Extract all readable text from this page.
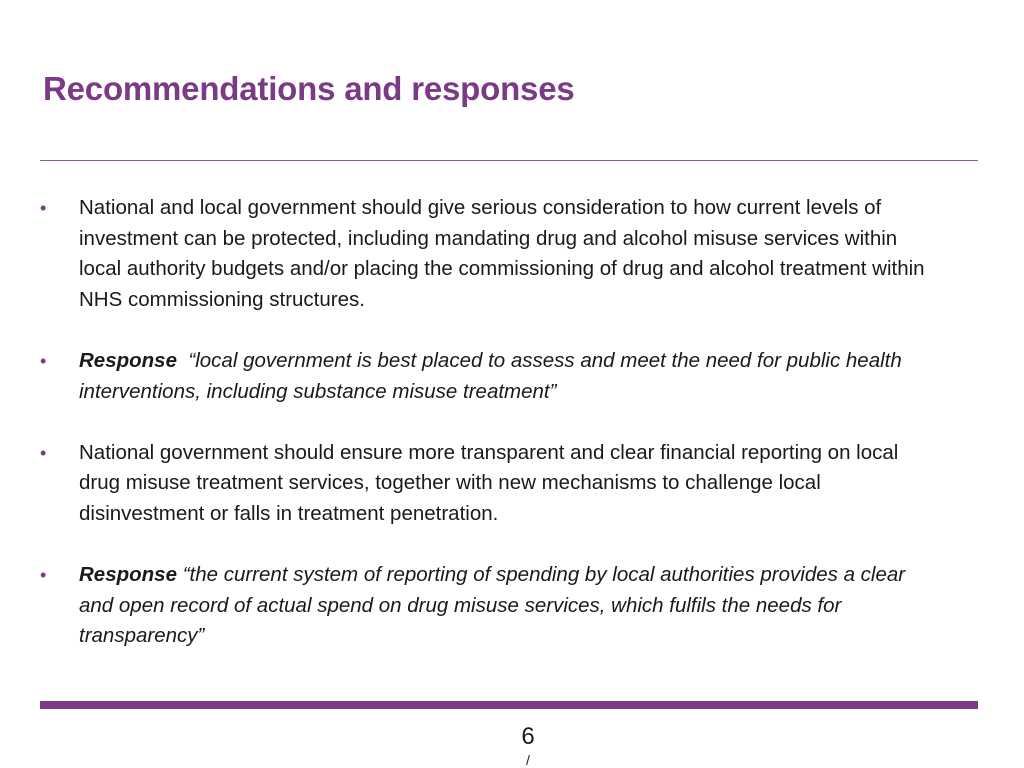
Recommendations and responses
• National and local government should give serious consideration to how current levels of investment can be protected, including mandating drug and alcohol misuse services within local authority budgets and/or placing the commissioning of drug and alcohol treatment within NHS commissioning structures.
• Response “local government is best placed to assess and meet the need for public health interventions, including substance misuse treatment”
• National government should ensure more transparent and clear financial reporting on local drug misuse treatment services, together with new mechanisms to challenge local disinvestment or falls in treatment penetration.
• Response “the current system of reporting of spending by local authorities provides a clear and open record of actual spend on drug misuse services, which fulfils the needs for transparency”
6
/
